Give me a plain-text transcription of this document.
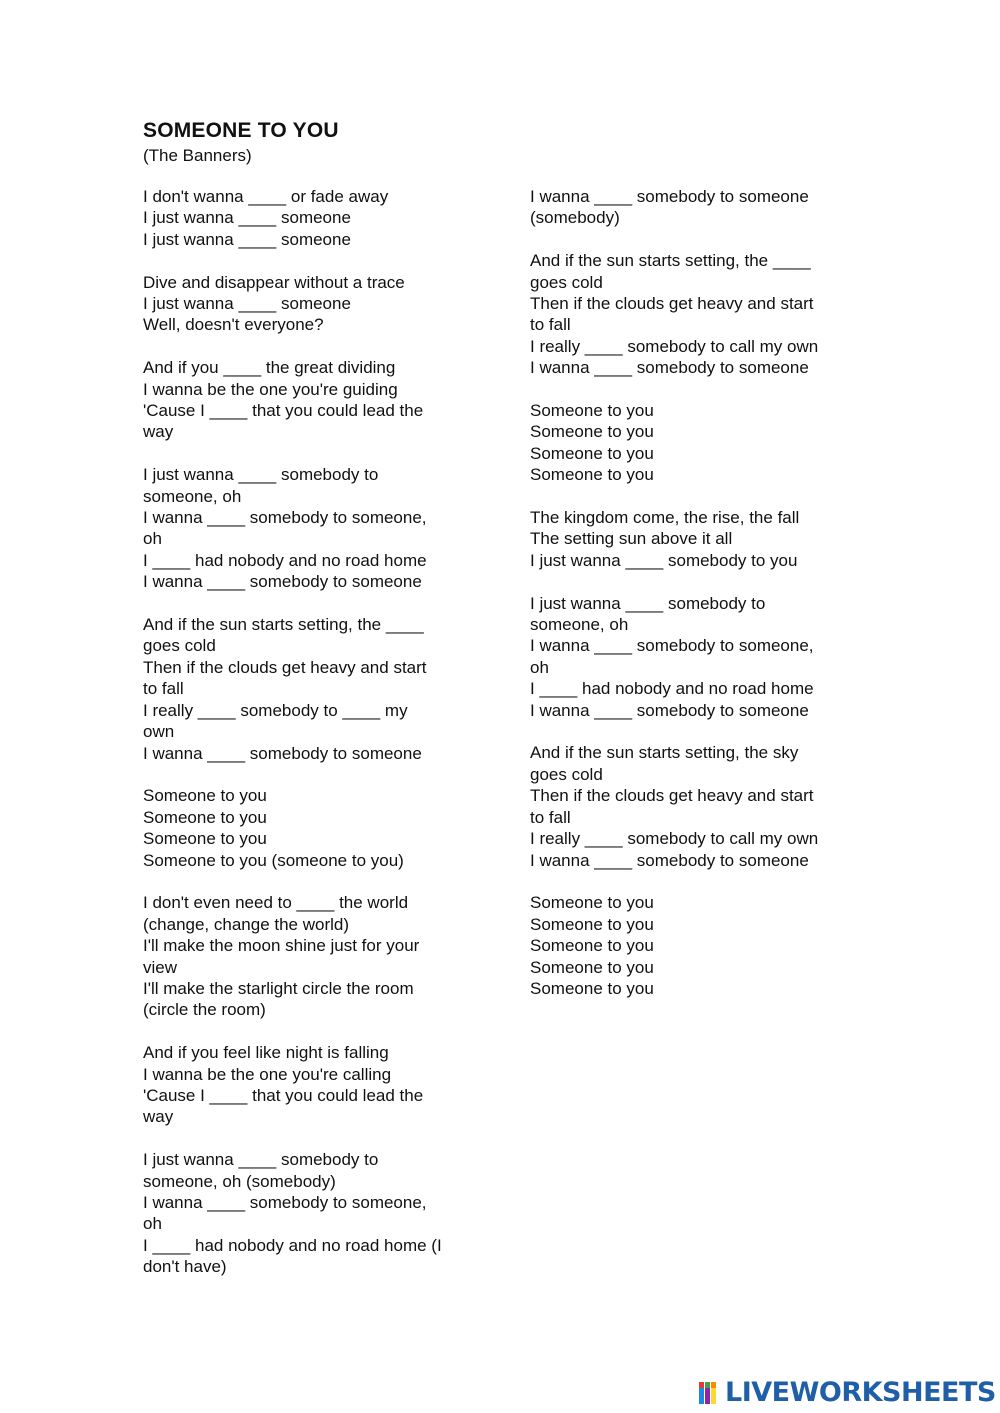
SOMEONE TO YOU
(The Banners)
I don't wanna ____ or fade away
I just wanna ____ someone
I just wanna ____ someone
Dive and disappear without a trace
I just wanna ____ someone
Well, doesn't everyone?
And if you ____ the great dividing
I wanna be the one you're guiding
'Cause I ____ that you could lead the
way
I just wanna ____ somebody to
someone, oh
I wanna ____ somebody to someone,
oh
I ____ had nobody and no road home
I wanna ____ somebody to someone
And if the sun starts setting, the ____
goes cold
Then if the clouds get heavy and start
to fall
I really ____ somebody to ____ my
own
I wanna ____ somebody to someone
Someone to you
Someone to you
Someone to you
Someone to you (someone to you)
I don't even need to ____ the world
(change, change the world)
I'll make the moon shine just for your
view
I'll make the starlight circle the room
(circle the room)
And if you feel like night is falling
I wanna be the one you're calling
'Cause I ____ that you could lead the
way
I just wanna ____ somebody to
someone, oh (somebody)
I wanna ____ somebody to someone,
oh
I ____ had nobody and no road home (I
don't have)
I wanna ____ somebody to someone
(somebody)
And if the sun starts setting, the ____
goes cold
Then if the clouds get heavy and start
to fall
I really ____ somebody to call my own
I wanna ____ somebody to someone
Someone to you
Someone to you
Someone to you
Someone to you
The kingdom come, the rise, the fall
The setting sun above it all
I just wanna ____ somebody to you
I just wanna ____ somebody to
someone, oh
I wanna ____ somebody to someone,
oh
I ____ had nobody and no road home
I wanna ____ somebody to someone
And if the sun starts setting, the sky
goes cold
Then if the clouds get heavy and start
to fall
I really ____ somebody to call my own
I wanna ____ somebody to someone
Someone to you
Someone to you
Someone to you
Someone to you
Someone to you
LIVEWORKSHEETS
